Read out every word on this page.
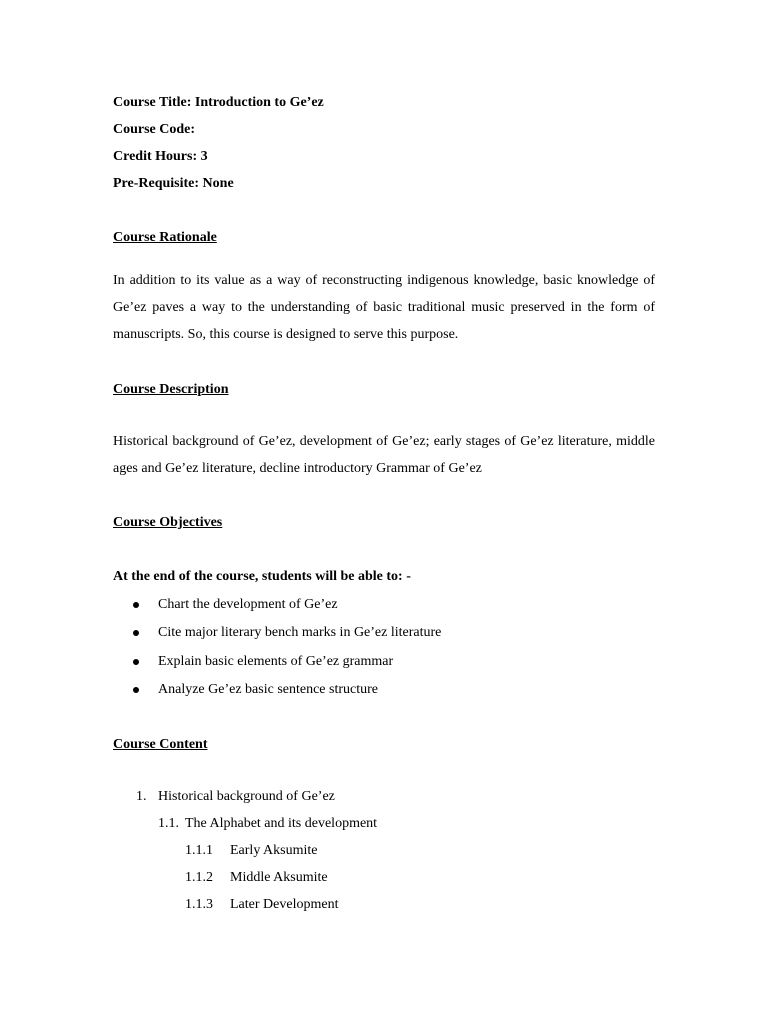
Course Title: Introduction to Ge’ez
Course Code:
Credit Hours: 3
Pre-Requisite: None
Course Rationale
In addition to its value as a way of reconstructing indigenous knowledge, basic knowledge of Ge’ez paves a way to the understanding of basic traditional music preserved in the form of manuscripts. So, this course is designed to serve this purpose.
Course Description
Historical background of Ge’ez, development of Ge’ez; early stages of Ge’ez literature, middle ages and Ge’ez literature, decline introductory Grammar of Ge’ez
Course Objectives
At the end of the course, students will be able to: -
Chart the development of Ge’ez
Cite major literary bench marks in Ge’ez literature
Explain basic elements of Ge’ez grammar
Analyze Ge’ez basic sentence structure
Course Content
1. Historical background of Ge’ez
1.1. The Alphabet and its development
1.1.1 Early Aksumite
1.1.2 Middle Aksumite
1.1.3 Later Development
